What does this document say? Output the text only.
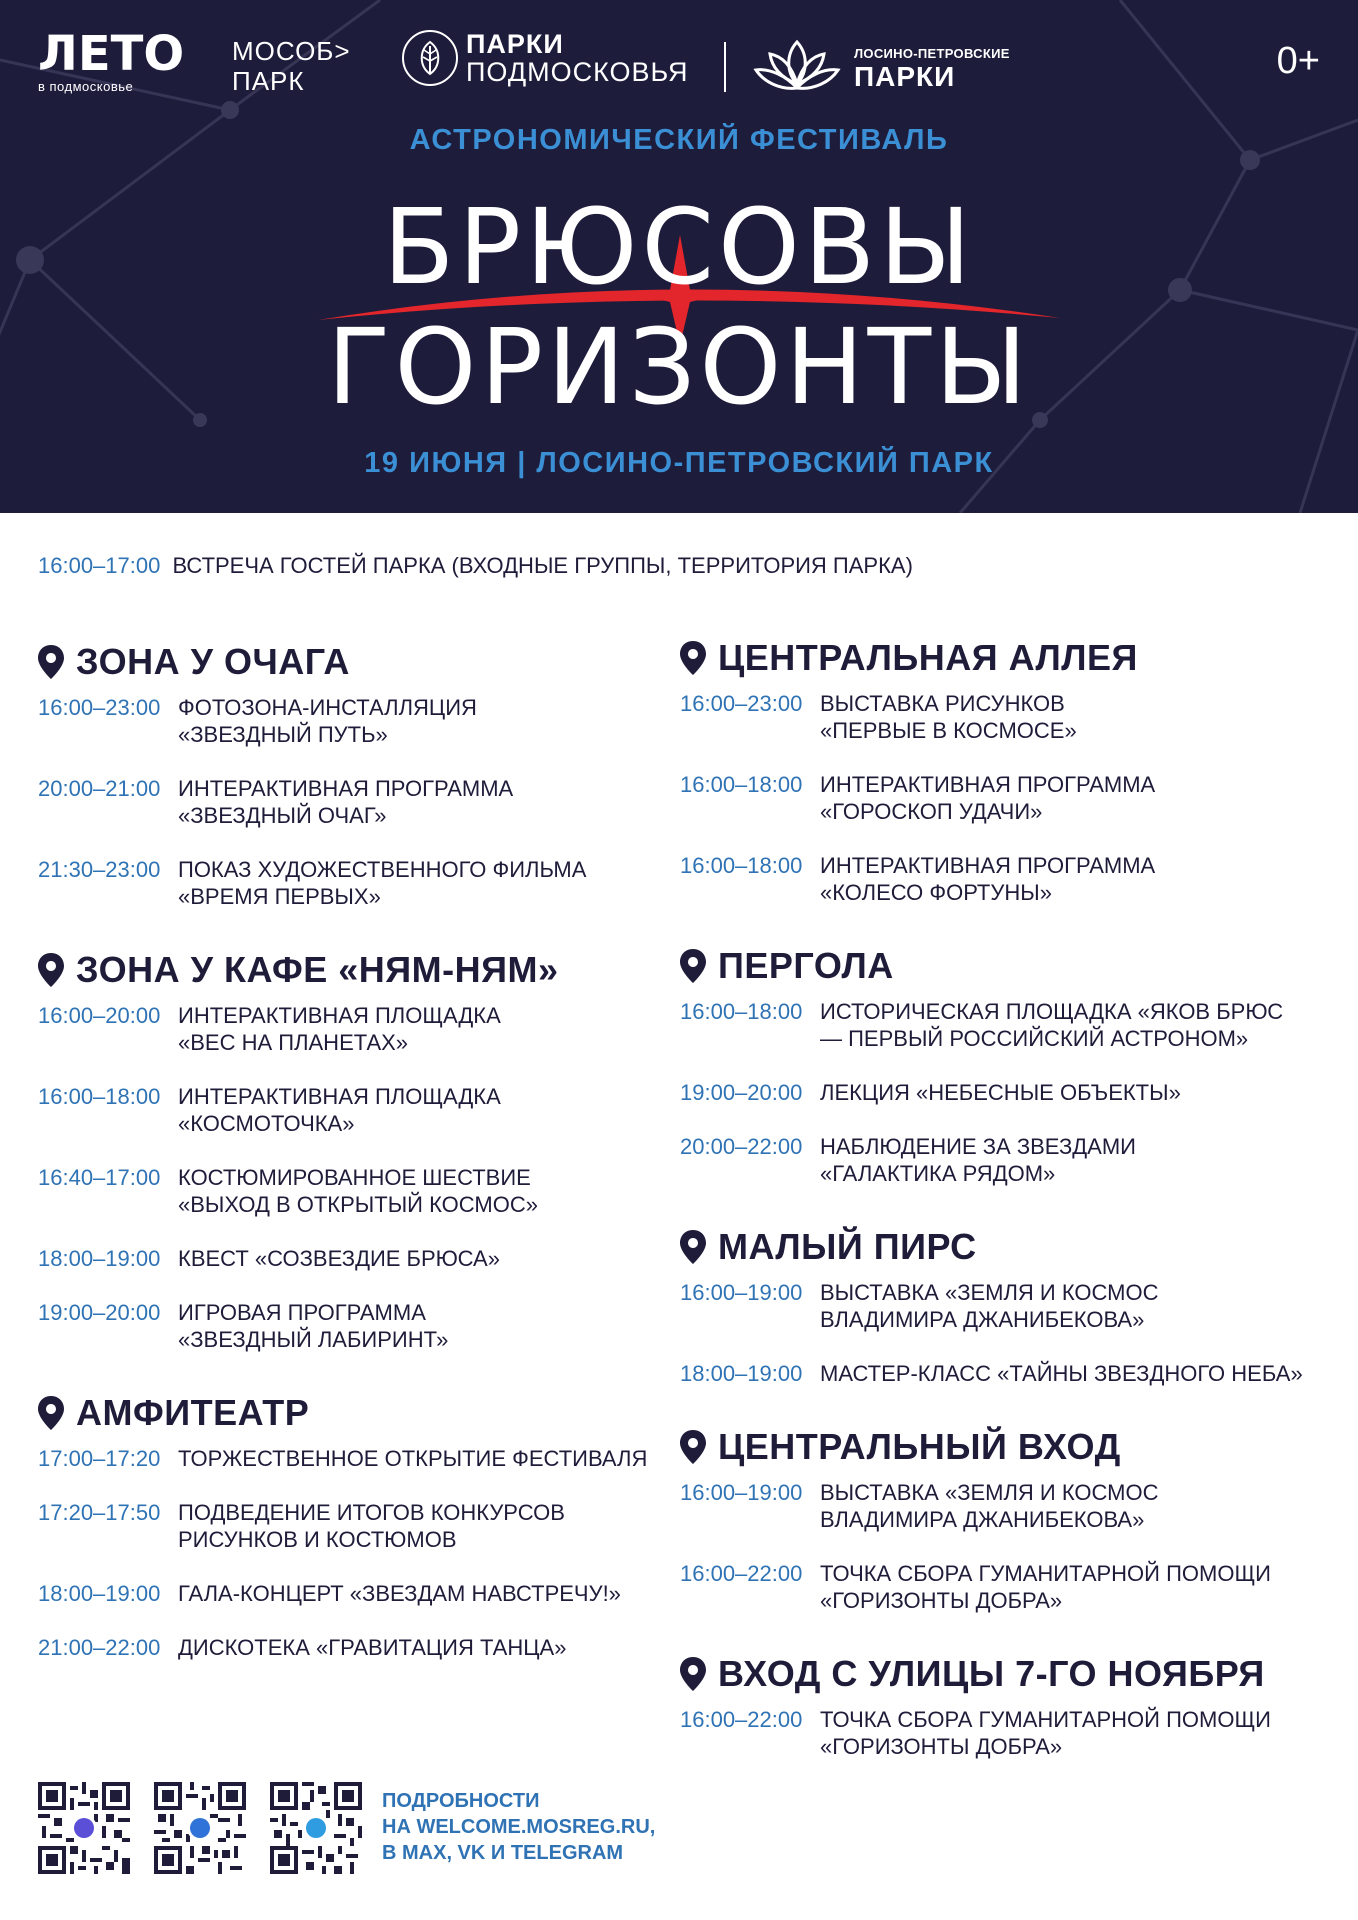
ЛЕТО
в подмосковье
МОСОБ>
ПАРК
ПАРКИ
ПОДМОСКОВЬЯ
ЛОСИНО-ПЕТРОВСКИЕ
ПАРКИ	0+
АСТРОНОМИЧЕСКИЙ ФЕСТИВАЛЬ
БРЮСОВЫ
ГОРИЗОНТЫ
19 ИЮНЯ | ЛОСИНО-ПЕТРОВСКИЙ ПАРК
16:00–17:00 ВСТРЕЧА ГОСТЕЙ ПАРКА (ВХОДНЫЕ ГРУППЫ, ТЕРРИТОРИЯ ПАРКА)
ЗОНА У ОЧАГА
16:00–23:00 ФОТОЗОНА-ИНСТАЛЛЯЦИЯ
«ЗВЕЗДНЫЙ ПУТЬ»
20:00–21:00 ИНТЕРАКТИВНАЯ ПРОГРАММА
«ЗВЕЗДНЫЙ ОЧАГ»
21:30–23:00 ПОКАЗ ХУДОЖЕСТВЕННОГО ФИЛЬМА
«ВРЕМЯ ПЕРВЫХ»
ЗОНА У КАФЕ «НЯМ-НЯМ»
16:00–20:00 ИНТЕРАКТИВНАЯ ПЛОЩАДКА
«ВЕС НА ПЛАНЕТАХ»
16:00–18:00 ИНТЕРАКТИВНАЯ ПЛОЩАДКА
«КОСМОТОЧКА»
16:40–17:00 КОСТЮМИРОВАННОЕ ШЕСТВИЕ
«ВЫХОД В ОТКРЫТЫЙ КОСМОС»
18:00–19:00 КВЕСТ «СОЗВЕЗДИЕ БРЮСА»
19:00–20:00 ИГРОВАЯ ПРОГРАММА
«ЗВЕЗДНЫЙ ЛАБИРИНТ»
АМФИТЕАТР
17:00–17:20 ТОРЖЕСТВЕННОЕ ОТКРЫТИЕ ФЕСТИВАЛЯ
17:20–17:50 ПОДВЕДЕНИЕ ИТОГОВ КОНКУРСОВ
РИСУНКОВ И КОСТЮМОВ
18:00–19:00 ГАЛА-КОНЦЕРТ «ЗВЕЗДАМ НАВСТРЕЧУ!»
21:00–22:00 ДИСКОТЕКА «ГРАВИТАЦИЯ ТАНЦА»
ЦЕНТРАЛЬНАЯ АЛЛЕЯ
16:00–23:00 ВЫСТАВКА РИСУНКОВ
«ПЕРВЫЕ В КОСМОСЕ»
16:00–18:00 ИНТЕРАКТИВНАЯ ПРОГРАММА
«ГОРОСКОП УДАЧИ»
16:00–18:00 ИНТЕРАКТИВНАЯ ПРОГРАММА
«КОЛЕСО ФОРТУНЫ»
ПЕРГОЛА
16:00–18:00 ИСТОРИЧЕСКАЯ ПЛОЩАДКА «ЯКОВ БРЮС
— ПЕРВЫЙ РОССИЙСКИЙ АСТРОНОМ»
19:00–20:00 ЛЕКЦИЯ «НЕБЕСНЫЕ ОБЪЕКТЫ»
20:00–22:00 НАБЛЮДЕНИЕ ЗА ЗВЕЗДАМИ
«ГАЛАКТИКА РЯДОМ»
МАЛЫЙ ПИРС
16:00–19:00 ВЫСТАВКА «ЗЕМЛЯ И КОСМОС
ВЛАДИМИРА ДЖАНИБЕКОВА»
18:00–19:00 МАСТЕР-КЛАСС «ТАЙНЫ ЗВЕЗДНОГО НЕБА»
ЦЕНТРАЛЬНЫЙ ВХОД
16:00–19:00 ВЫСТАВКА «ЗЕМЛЯ И КОСМОС
ВЛАДИМИРА ДЖАНИБЕКОВА»
16:00–22:00 ТОЧКА СБОРА ГУМАНИТАРНОЙ ПОМОЩИ
«ГОРИЗОНТЫ ДОБРА»
ВХОД С УЛИЦЫ 7-ГО НОЯБРЯ
16:00–22:00 ТОЧКА СБОРА ГУМАНИТАРНОЙ ПОМОЩИ
«ГОРИЗОНТЫ ДОБРА»
ПОДРОБНОСТИ
НА WELCOME.MOSREG.RU,
В MAX, VK И TELEGRAM
